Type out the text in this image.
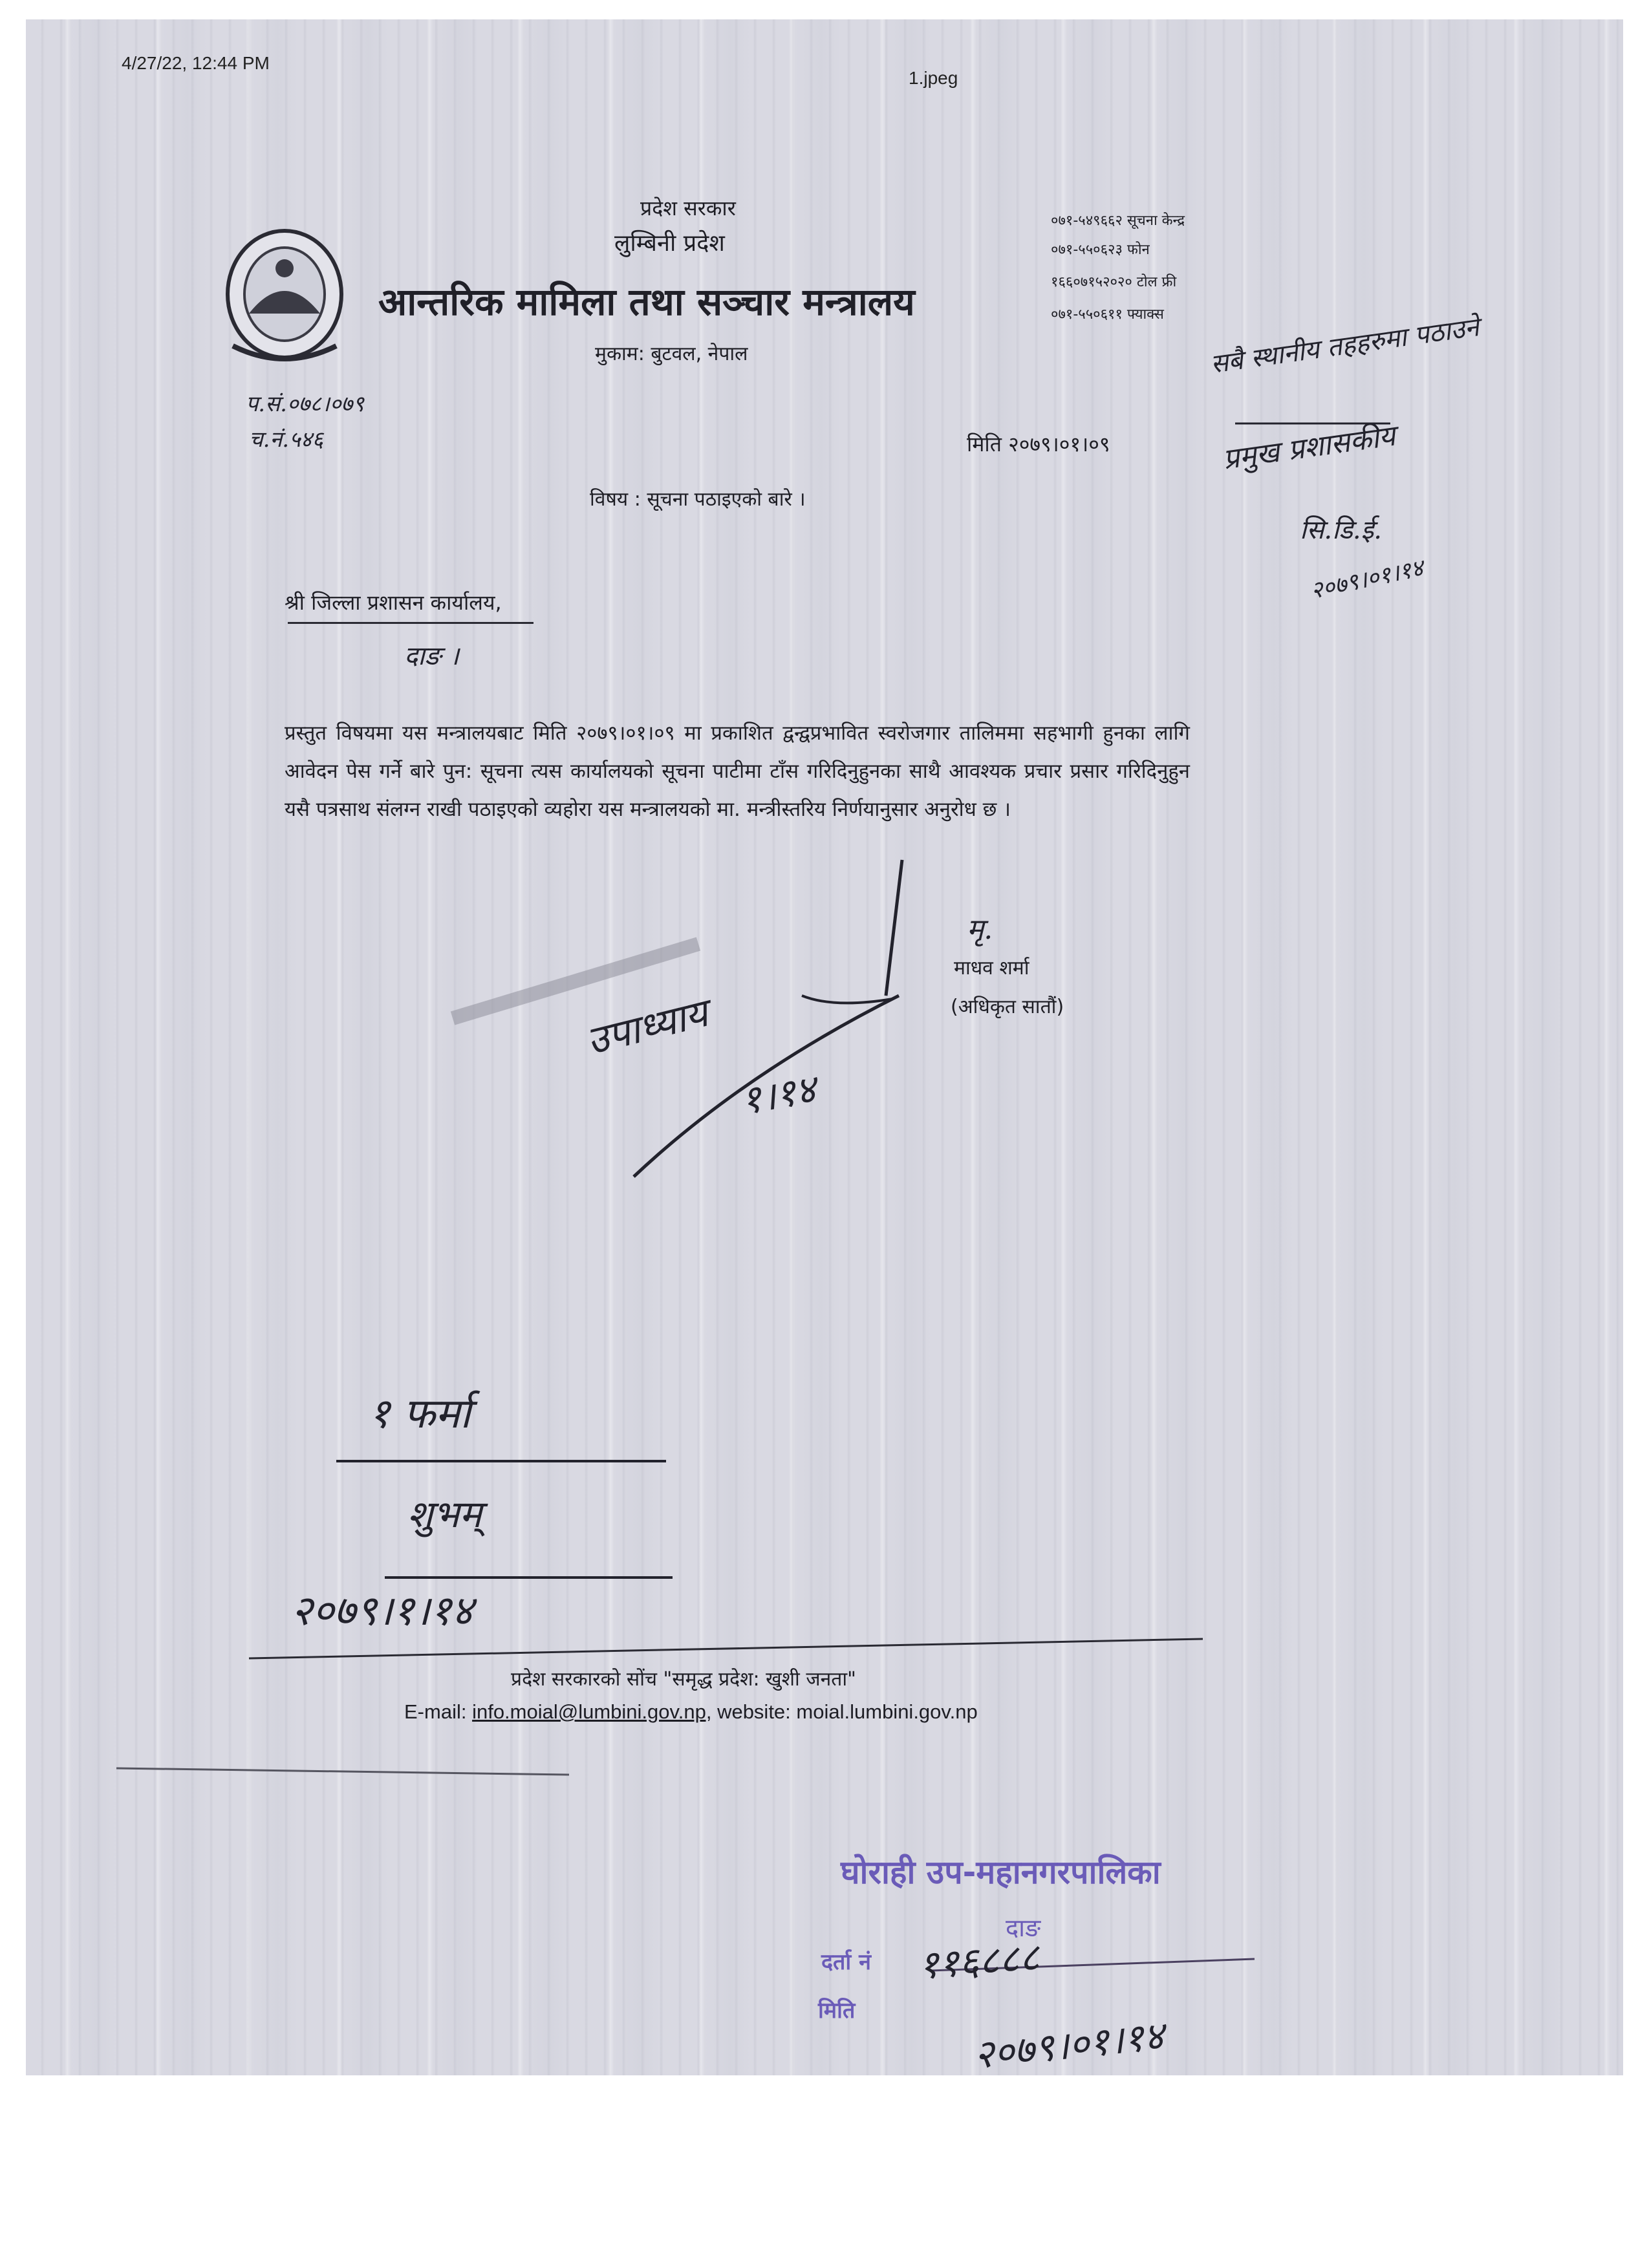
4/27/22, 12:44 PM
1.jpeg
प्रदेश सरकार
लुम्बिनी प्रदेश
आन्तरिक मामिला तथा सञ्चार मन्त्रालय
मुकाम: बुटवल, नेपाल
०७१-५४९६६२ सूचना केन्द्र
०७१-५५०६२३ फोन
१६६०७१५२०२० टोल फ्री
०७१-५५०६११ फ्याक्स
प.सं.०७८।०७९
च.नं.५४६	मिति २०७९।०१।०९
विषय : सूचना पठाइएको बारे ।
श्री जिल्ला प्रशासन कार्यालय,
दाङ ।
प्रस्तुत विषयमा यस मन्त्रालयबाट मिति २०७९।०१।०९ मा प्रकाशित द्वन्द्वप्रभावित स्वरोजगार तालिममा सहभागी हुनका लागि आवेदन पेस गर्ने बारे पुन: सूचना त्यस कार्यालयको सूचना पाटीमा टाँस गरिदिनुहुनका साथै आवश्यक प्रचार प्रसार गरिदिनुहुन यसै पत्रसाथ संलग्न राखी पठाइएको व्यहोरा यस मन्त्रालयको मा. मन्त्रीस्तरिय निर्णयानुसार अनुरोध छ ।
मृ.
माधव शर्मा
(अधिकृत सातौं)
उपाध्याय
१।१४
सबै स्थानीय तहहरुमा पठाउने
प्रमुख प्रशासकीय
सि.डि.ई.
२०७९।०१।१४
१ फर्मा
शुभम्
२०७९।१।१४
प्रदेश सरकारको सोंच "समृद्ध प्रदेश: खुशी जनता"
E-mail: info.moial@lumbini.gov.np, website: moial.lumbini.gov.np
घोराही उप-महानगरपालिका
दाङ
दर्ता नं
मिति
११६८८८
२०७९।०१।१४
